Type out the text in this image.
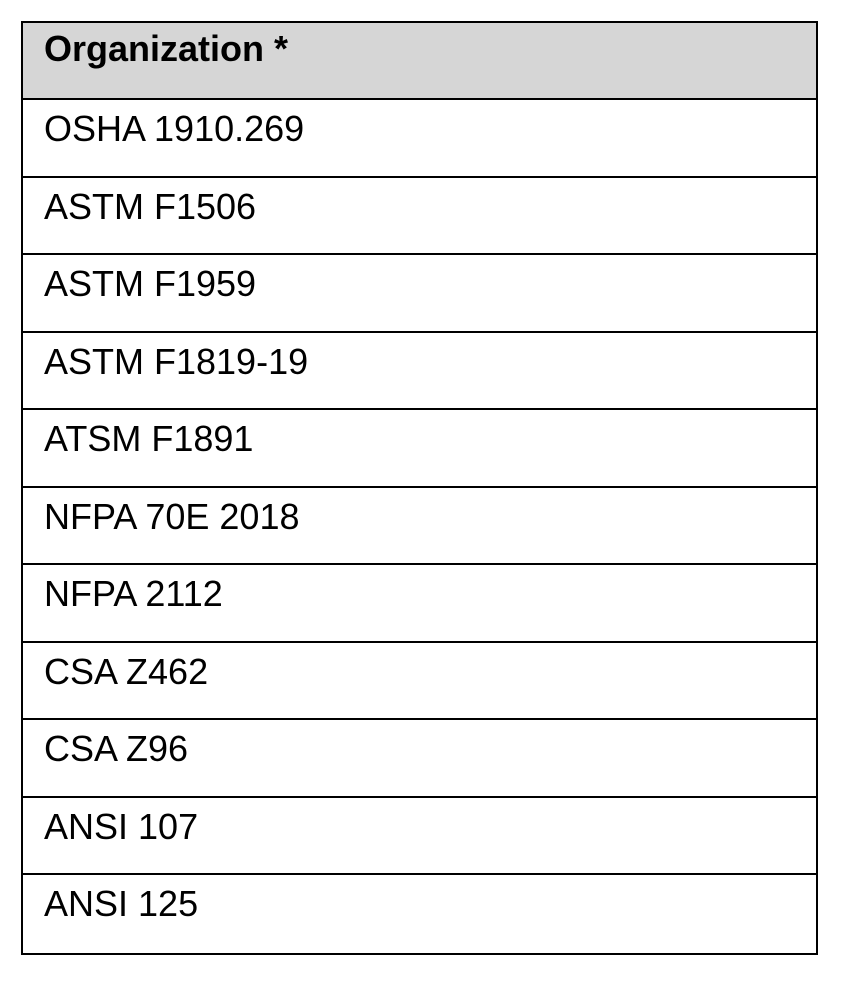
Organization *
OSHA 1910.269
ASTM F1506
ASTM F1959
ASTM F1819-19
ATSM F1891
NFPA 70E 2018
NFPA 2112
CSA Z462
CSA Z96
ANSI 107
ANSI 125
